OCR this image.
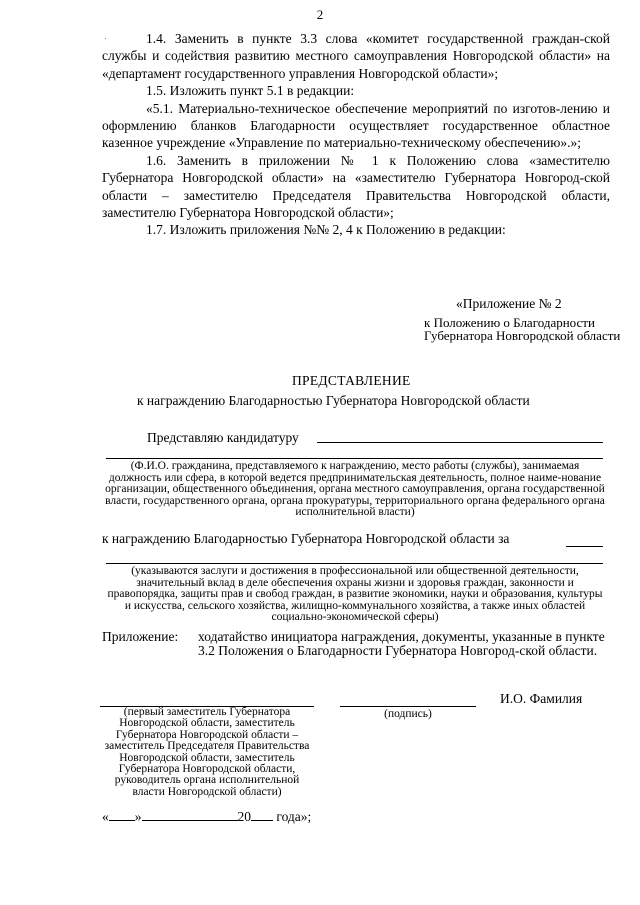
2

1.4. Заменить в пункте 3.3 слова «комитет государственной граждан-ской службы и содействия развитию местного самоуправления Новгородской области» на «департамент государственного управления Новгородской области»;

1.5. Изложить пункт 5.1 в редакции:

«5.1. Материально-техническое обеспечение мероприятий по изготов-лению и оформлению бланков Благодарности осуществляет государственное областное казенное учреждение «Управление по материально-техническому обеспечению».»;

1.6. Заменить в приложении № 1 к Положению слова «заместителю Губернатора Новгородской области» на «заместителю Губернатора Новгород-ской области – заместителю Председателя Правительства Новгородской области, заместителю Губернатора Новгородской области»;

1.7. Изложить приложения №№ 2, 4 к Положению в редакции:

«Приложение № 2
к Положению о Благодарности Губернатора Новгородской области
ПРЕДСТАВЛЕНИЕ
к награждению Благодарностью Губернатора Новгородской области
Представляю кандидатуру
(Ф.И.О. гражданина, представляемого к награждению, место работы (службы), занимаемая должность или сфера, в которой ведется предпринимательская деятельность, полное наиме-нование организации, общественного объединения, органа местного самоуправления, органа государственной власти, государственного органа, органа прокуратуры, территориального органа федерального органа исполнительной власти)
к награждению Благодарностью Губернатора Новгородской области за
(указываются заслуги и достижения в профессиональной или общественной деятельности, значительный вклад в деле обеспечения охраны жизни и здоровья граждан, законности и правопорядка, защиты прав и свобод граждан, в развитие экономики, науки и образования, культуры и искусства, сельского хозяйства, жилищно-коммунального хозяйства, а также иных областей социально-экономической сферы)
Приложение: ходатайство инициатора награждения, документы, указанные в пункте 3.2 Положения о Благодарности Губернатора Новгород-ской области.
И.О. Фамилия
(первый заместитель Губернатора Новгородской области, заместитель Губернатора Новгородской области – заместитель Председателя Правительства Новгородской области, заместитель Губернатора Новгородской области, руководитель органа исполнительной власти Новгородской области)
(подпись)
« »	20 года»;
